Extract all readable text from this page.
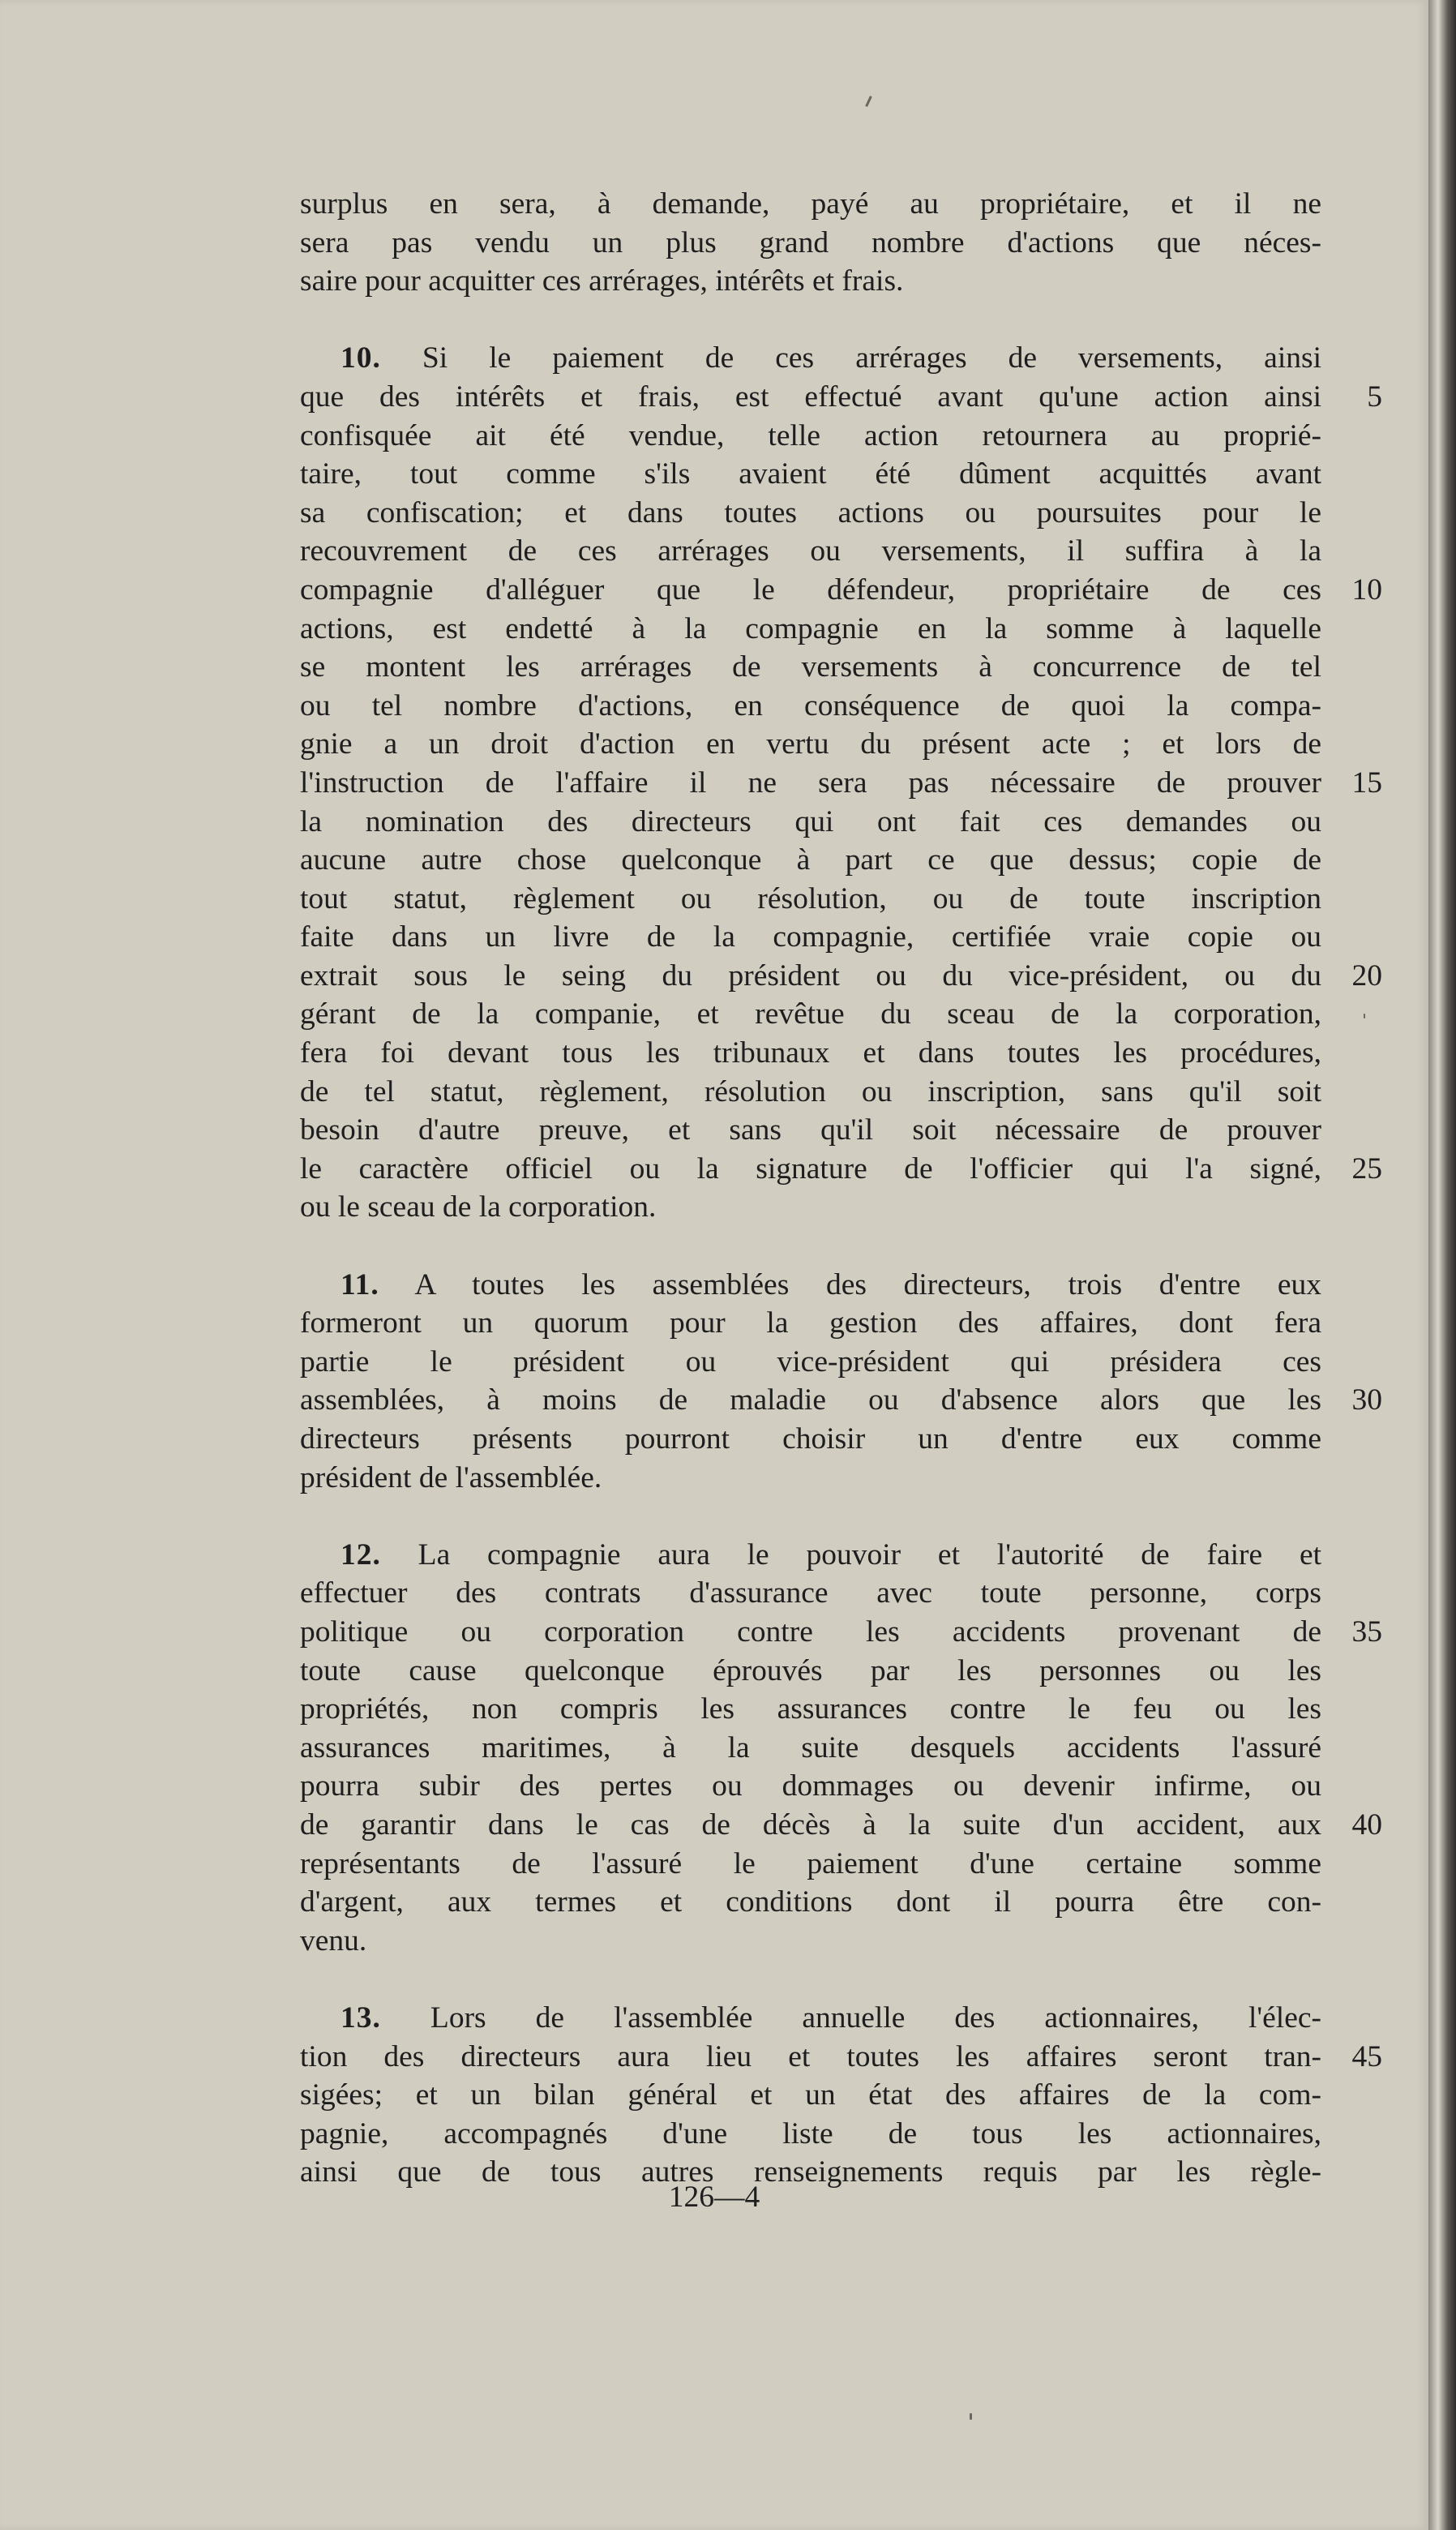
surplus en sera, à demande, payé au propriétaire, et il ne
sera pas vendu un plus grand nombre d'actions que néces-
saire pour acquitter ces arrérages, intérêts et frais.
10. Si le paiement de ces arrérages de versements, ainsi
que des intérêts et frais, est effectué avant qu'une action ainsi	5
confisquée ait été vendue, telle action retournera au proprié-
taire, tout comme s'ils avaient été dûment acquittés avant
sa confiscation; et dans toutes actions ou poursuites pour le
recouvrement de ces arrérages ou versements, il suffira à la
compagnie d'alléguer que le défendeur, propriétaire de ces	10
actions, est endetté à la compagnie en la somme à laquelle
se montent les arrérages de versements à concurrence de tel
ou tel nombre d'actions, en conséquence de quoi la compa-
gnie a un droit d'action en vertu du présent acte ; et lors de
l'instruction de l'affaire il ne sera pas nécessaire de prouver	15
la nomination des directeurs qui ont fait ces demandes ou
aucune autre chose quelconque à part ce que dessus; copie de
tout statut, règlement ou résolution, ou de toute inscription
faite dans un livre de la compagnie, certifiée vraie copie ou
extrait sous le seing du président ou du vice-président, ou du	20
gérant de la companie, et revêtue du sceau de la corporation,
fera foi devant tous les tribunaux et dans toutes les procédures,
de tel statut, règlement, résolution ou inscription, sans qu'il soit
besoin d'autre preuve, et sans qu'il soit nécessaire de prouver
le caractère officiel ou la signature de l'officier qui l'a signé,	25
ou le sceau de la corporation.
11. A toutes les assemblées des directeurs, trois d'entre eux
formeront un quorum pour la gestion des affaires, dont fera
partie le président ou vice-président qui présidera ces
assemblées, à moins de maladie ou d'absence alors que les	30
directeurs présents pourront choisir un d'entre eux comme
président de l'assemblée.
12. La compagnie aura le pouvoir et l'autorité de faire et
effectuer des contrats d'assurance avec toute personne, corps
politique ou corporation contre les accidents provenant de	35
toute cause quelconque éprouvés par les personnes ou les
propriétés, non compris les assurances contre le feu ou les
assurances maritimes, à la suite desquels accidents l'assuré
pourra subir des pertes ou dommages ou devenir infirme, ou
de garantir dans le cas de décès à la suite d'un accident, aux	40
représentants de l'assuré le paiement d'une certaine somme
d'argent, aux termes et conditions dont il pourra être con-
venu.
13. Lors de l'assemblée annuelle des actionnaires, l'élec-
tion des directeurs aura lieu et toutes les affaires seront tran-	45
sigées; et un bilan général et un état des affaires de la com-
pagnie, accompagnés d'une liste de tous les actionnaires,
ainsi que de tous autres renseignements requis par les règle-
126—4
